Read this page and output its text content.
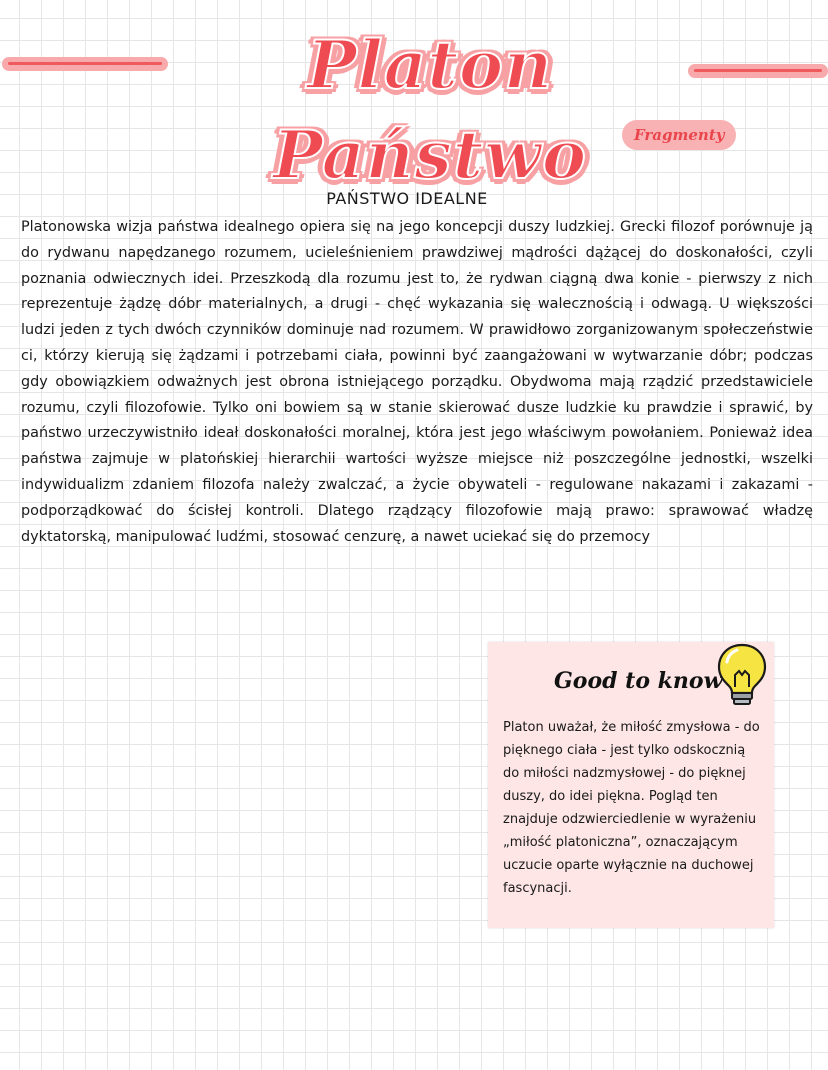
Platon Państwo	Fragmenty
PAŃSTWO IDEALNE

Platonowska wizja państwa idealnego opiera się na jego koncepcji duszy ludzkiej. Grecki filozof porównuje ją do rydwanu napędzanego rozumem, ucieleśnieniem prawdziwej mądrości dążącej do doskonałości, czyli poznania odwiecznych idei. Przeszkodą dla rozumu jest to, że rydwan ciągną dwa konie - pierwszy z nich reprezentuje żądzę dóbr materialnych, a drugi - chęć wykazania się walecznością i odwagą. U większości ludzi jeden z tych dwóch czynników dominuje nad rozumem. W prawidłowo zorganizowanym społeczeństwie ci, którzy kierują się żądzami i potrzebami ciała, powinni być zaangażowani w wytwarzanie dóbr; podczas gdy obowiązkiem odważnych jest obrona istniejącego porządku. Obydwoma mają rządzić przedstawiciele rozumu, czyli filozofowie. Tylko oni bowiem są w stanie skierować dusze ludzkie ku prawdzie i sprawić, by państwo urzeczywistniło ideał doskonałości moralnej, która jest jego właściwym powołaniem. Ponieważ idea państwa zajmuje w platońskiej hierarchii wartości wyższe miejsce niż poszczególne jednostki, wszelki indywidualizm zdaniem filozofa należy zwalczać, a życie obywateli - regulowane nakazami i zakazami - podporządkować do ścisłej kontroli. Dlatego rządzący filozofowie mają prawo: sprawować władzę dyktatorską, manipulować ludźmi, stosować cenzurę, a nawet uciekać się do przemocy

Good to know

Platon uważał, że miłość zmysłowa - do pięknego ciała - jest tylko odskocznią do miłości nadzmysłowej - do pięknej duszy, do idei piękna. Pogląd ten znajduje odzwierciedlenie w wyrażeniu „miłość platoniczna”, oznaczającym uczucie oparte wyłącznie na duchowej fascynacji.
